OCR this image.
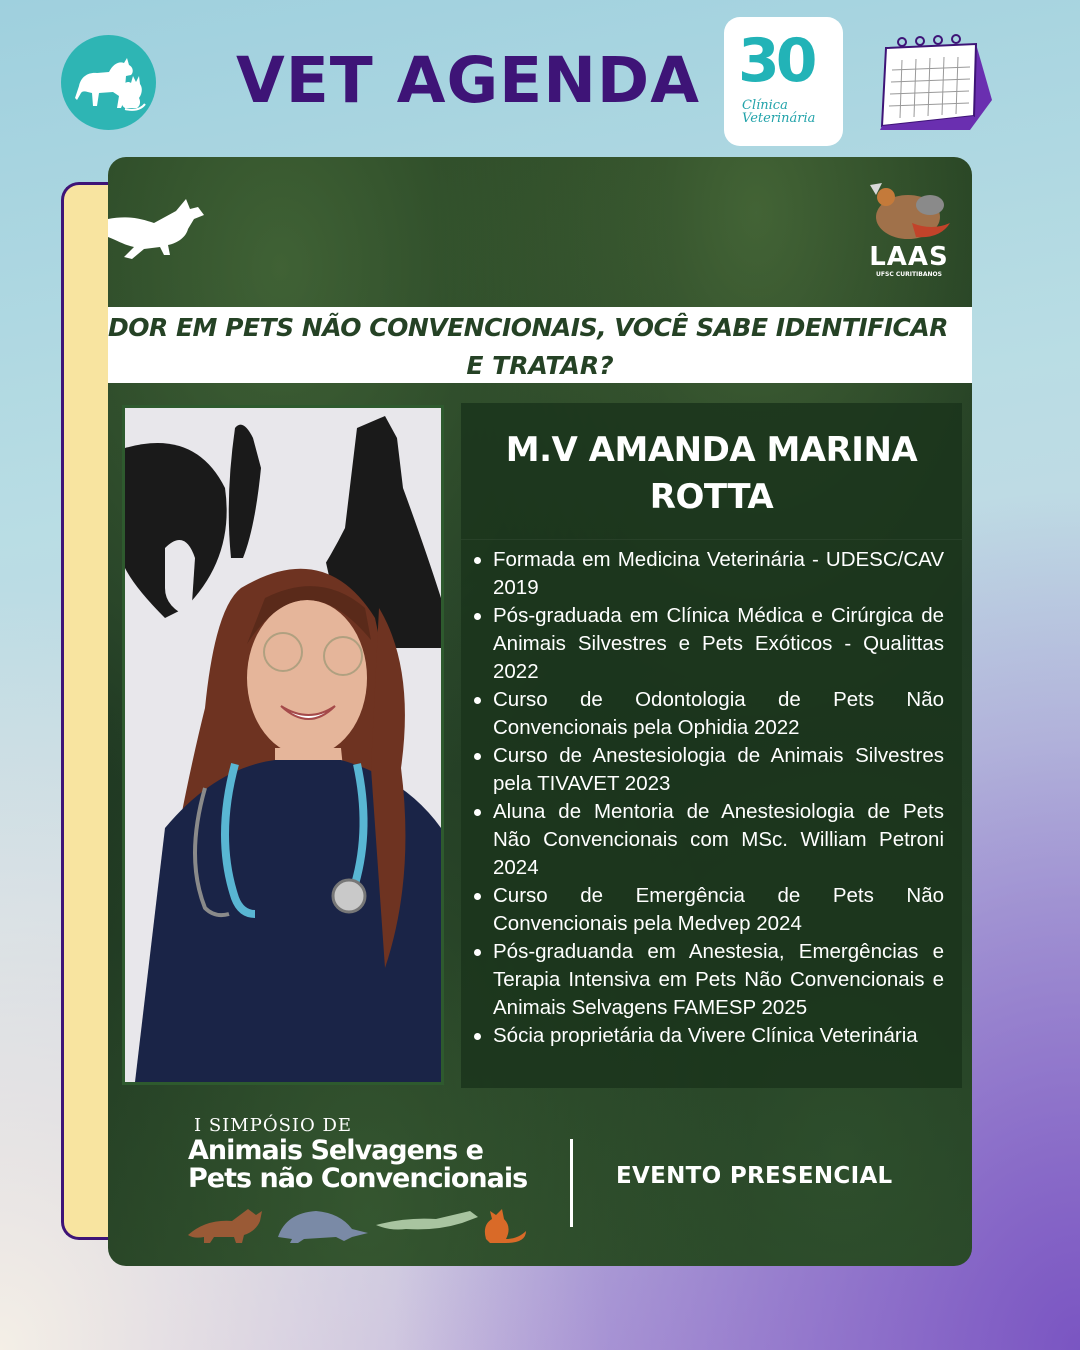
VET AGENDA 30
Clínica
Veterinária
LAAS
UFSC CURITIBANOS
DOR EM PETS NÃO CONVENCIONAIS, VOCÊ SABE IDENTIFICAR
E TRATAR?
M.V AMANDA MARINA
ROTTA
Formada em Medicina Veterinária - UDESC/CAV 2019
Pós-graduada em Clínica Médica e Cirúrgica de Animais Silvestres e Pets Exóticos - Qualittas 2022
Curso de Odontologia de Pets Não Convencionais pela Ophidia 2022
Curso de Anestesiologia de Animais Silvestres pela TIVAVET 2023
Aluna de Mentoria de Anestesiologia de Pets Não Convencionais com MSc. William Petroni 2024
Curso de Emergência de Pets Não Convencionais pela Medvep 2024
Pós-graduanda em Anestesia, Emergências e Terapia Intensiva em Pets Não Convencionais e Animais Selvagens FAMESP 2025
Sócia proprietária da Vivere Clínica Veterinária
I SIMPÓSIO DE
Animais Selvagens e
Pets não Convencionais	EVENTO PRESENCIAL
